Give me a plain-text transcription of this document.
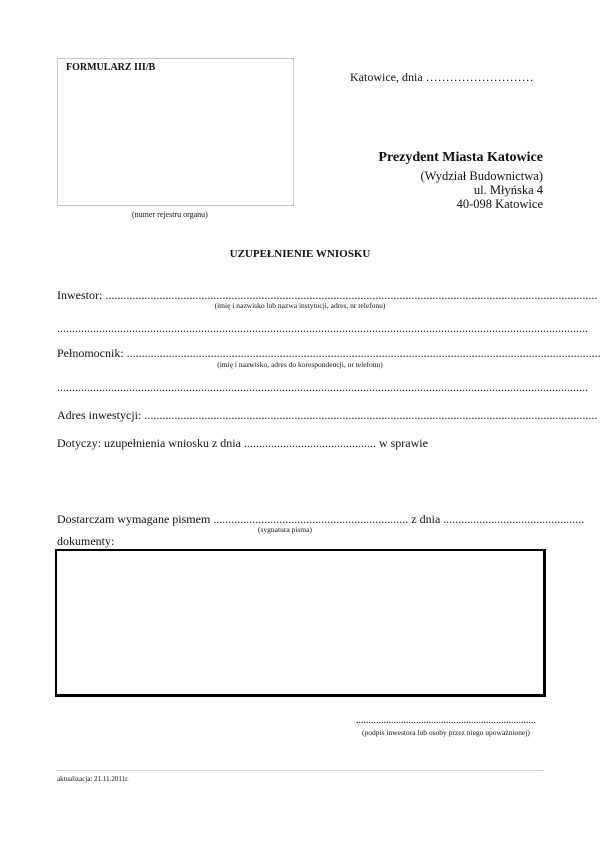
FORMULARZ III/B
(numer rejestru organu)
Katowice, dnia ………………………
Prezydent Miasta Katowice
(Wydział Budownictwa)
ul. Młyńska 4
40-098 Katowice
UZUPEŁNIENIE WNIOSKU
Inwestor: ....................................................................................................................................................................
(imię i nazwisko lub nazwa instytucji, adres, nr telefonu)
.................................................................................................................................................................................
Pełnomocnik: ..............................................................................................................................................................
(imię i nazwisko, adres do korespondencji, nr telefonu)
.................................................................................................................................................................................
Adres inwestycji: .......................................................................................................................................................
Dotyczy: uzupełnienia wniosku z dnia ............................................ w sprawie
Dostarczam wymagane pismem ................................................................. z dnia ...............................................
(sygnatura pisma)
dokumenty:
........................................................................
(podpis inwestora lub osoby przez niego upoważnionej)
aktualizacja: 21.11.2011r.
